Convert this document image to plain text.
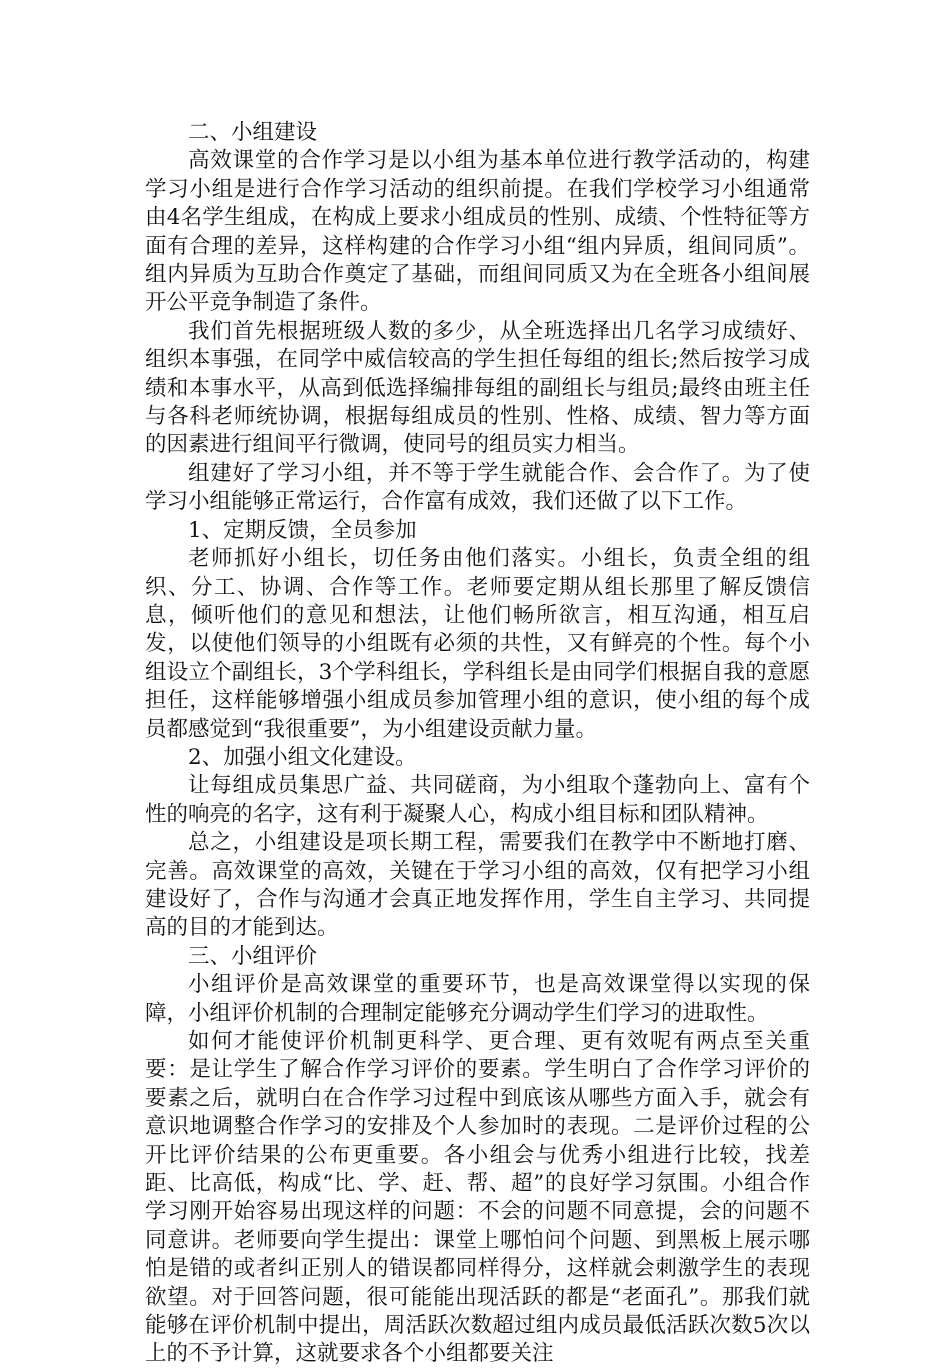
二、小组建设

高效课堂的合作学习是以小组为基本单位进行教学活动的，构建学习小组是进行合作学习活动的组织前提。在我们学校学习小组通常由4名学生组成，在构成上要求小组成员的性别、成绩、个性特征等方面有合理的差异，这样构建的合作学习小组“组内异质，组间同质”。组内异质为互助合作奠定了基础，而组间同质又为在全班各小组间展开公平竞争制造了条件。

我们首先根据班级人数的多少，从全班选择出几名学习成绩好、组织本事强，在同学中威信较高的学生担任每组的组长;然后按学习成绩和本事水平，从高到低选择编排每组的副组长与组员;最终由班主任与各科老师统协调，根据每组成员的性别、性格、成绩、智力等方面的因素进行组间平行微调，使同号的组员实力相当。

组建好了学习小组，并不等于学生就能合作、会合作了。为了使学习小组能够正常运行，合作富有成效，我们还做了以下工作。

1、定期反馈，全员参加

老师抓好小组长，切任务由他们落实。小组长，负责全组的组织、分工、协调、合作等工作。老师要定期从组长那里了解反馈信息，倾听他们的意见和想法，让他们畅所欲言，相互沟通，相互启发，以使他们领导的小组既有必须的共性，又有鲜亮的个性。每个小组设立个副组长，3个学科组长，学科组长是由同学们根据自我的意愿担任，这样能够增强小组成员参加管理小组的意识，使小组的每个成员都感觉到“我很重要”，为小组建设贡献力量。

2、加强小组文化建设。

让每组成员集思广益、共同磋商，为小组取个蓬勃向上、富有个性的响亮的名字，这有利于凝聚人心，构成小组目标和团队精神。

总之，小组建设是项长期工程，需要我们在教学中不断地打磨、完善。高效课堂的高效，关键在于学习小组的高效，仅有把学习小组建设好了，合作与沟通才会真正地发挥作用，学生自主学习、共同提高的目的才能到达。

三、小组评价

小组评价是高效课堂的重要环节，也是高效课堂得以实现的保障，小组评价机制的合理制定能够充分调动学生们学习的进取性。

如何才能使评价机制更科学、更合理、更有效呢有两点至关重要：是让学生了解合作学习评价的要素。学生明白了合作学习评价的要素之后，就明白在合作学习过程中到底该从哪些方面入手，就会有意识地调整合作学习的安排及个人参加时的表现。二是评价过程的公开比评价结果的公布更重要。各小组会与优秀小组进行比较，找差距、比高低，构成“比、学、赶、帮、超”的良好学习氛围。小组合作学习刚开始容易出现这样的问题：不会的问题不同意提，会的问题不同意讲。老师要向学生提出：课堂上哪怕问个问题、到黑板上展示哪怕是错的或者纠正别人的错误都同样得分，这样就会刺激学生的表现欲望。对于回答问题，很可能能出现活跃的都是“老面孔”。那我们就能够在评价机制中提出，周活跃次数超过组内成员最低活跃次数5次以上的不予计算，这就要求各个小组都要关注
